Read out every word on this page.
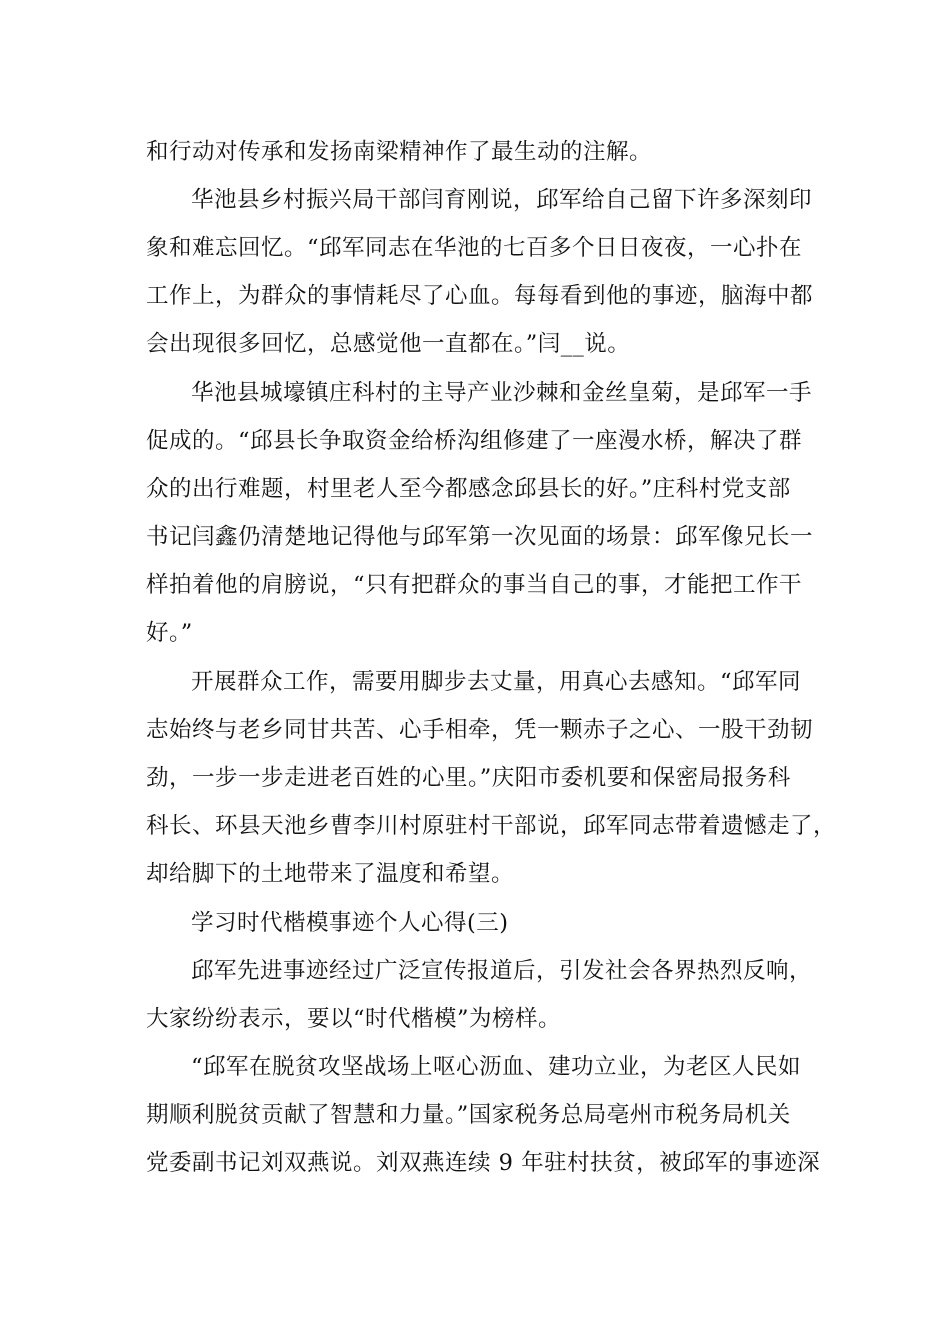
和行动对传承和发扬南梁精神作了最生动的注解。
华池县乡村振兴局干部闫育刚说，邱军给自己留下许多深刻印
象和难忘回忆。“邱军同志在华池的七百多个日日夜夜，一心扑在
工作上，为群众的事情耗尽了心血。每每看到他的事迹，脑海中都
会出现很多回忆，总感觉他一直都在。”闫__说。
华池县城壕镇庄科村的主导产业沙棘和金丝皇菊，是邱军一手
促成的。“邱县长争取资金给桥沟组修建了一座漫水桥，解决了群
众的出行难题，村里老人至今都感念邱县长的好。”庄科村党支部
书记闫鑫仍清楚地记得他与邱军第一次见面的场景：邱军像兄长一
样拍着他的肩膀说，“只有把群众的事当自己的事，才能把工作干
好。”
开展群众工作，需要用脚步去丈量，用真心去感知。“邱军同
志始终与老乡同甘共苦、心手相牵，凭一颗赤子之心、一股干劲韧
劲，一步一步走进老百姓的心里。”庆阳市委机要和保密局报务科
科长、环县天池乡曹李川村原驻村干部说，邱军同志带着遗憾走了，
却给脚下的土地带来了温度和希望。
学习时代楷模事迹个人心得(三)
邱军先进事迹经过广泛宣传报道后，引发社会各界热烈反响，
大家纷纷表示，要以“时代楷模”为榜样。
“邱军在脱贫攻坚战场上呕心沥血、建功立业，为老区人民如
期顺利脱贫贡献了智慧和力量。”国家税务总局亳州市税务局机关
党委副书记刘双燕说。刘双燕连续 9 年驻村扶贫，被邱军的事迹深
